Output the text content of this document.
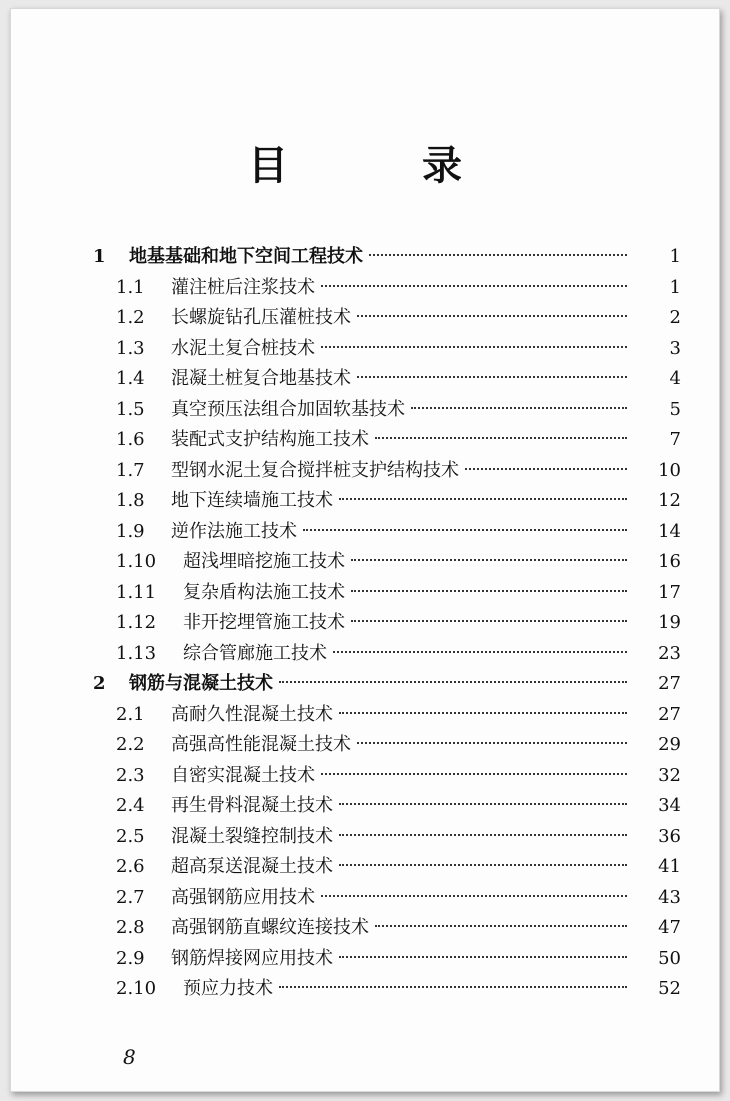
目 录
1 地基基础和地下空间工程技术	1
1.1 灌注桩后注浆技术	1
1.2 长螺旋钻孔压灌桩技术	2
1.3 水泥土复合桩技术	3
1.4 混凝土桩复合地基技术	4
1.5 真空预压法组合加固软基技术	5
1.6 装配式支护结构施工技术	7
1.7 型钢水泥土复合搅拌桩支护结构技术	10
1.8 地下连续墙施工技术	12
1.9 逆作法施工技术	14
1.10 超浅埋暗挖施工技术	16
1.11 复杂盾构法施工技术	17
1.12 非开挖埋管施工技术	19
1.13 综合管廊施工技术	23
2 钢筋与混凝土技术	27
2.1 高耐久性混凝土技术	27
2.2 高强高性能混凝土技术	29
2.3 自密实混凝土技术	32
2.4 再生骨料混凝土技术	34
2.5 混凝土裂缝控制技术	36
2.6 超高泵送混凝土技术	41
2.7 高强钢筋应用技术	43
2.8 高强钢筋直螺纹连接技术	47
2.9 钢筋焊接网应用技术	50
2.10 预应力技术	52
8
